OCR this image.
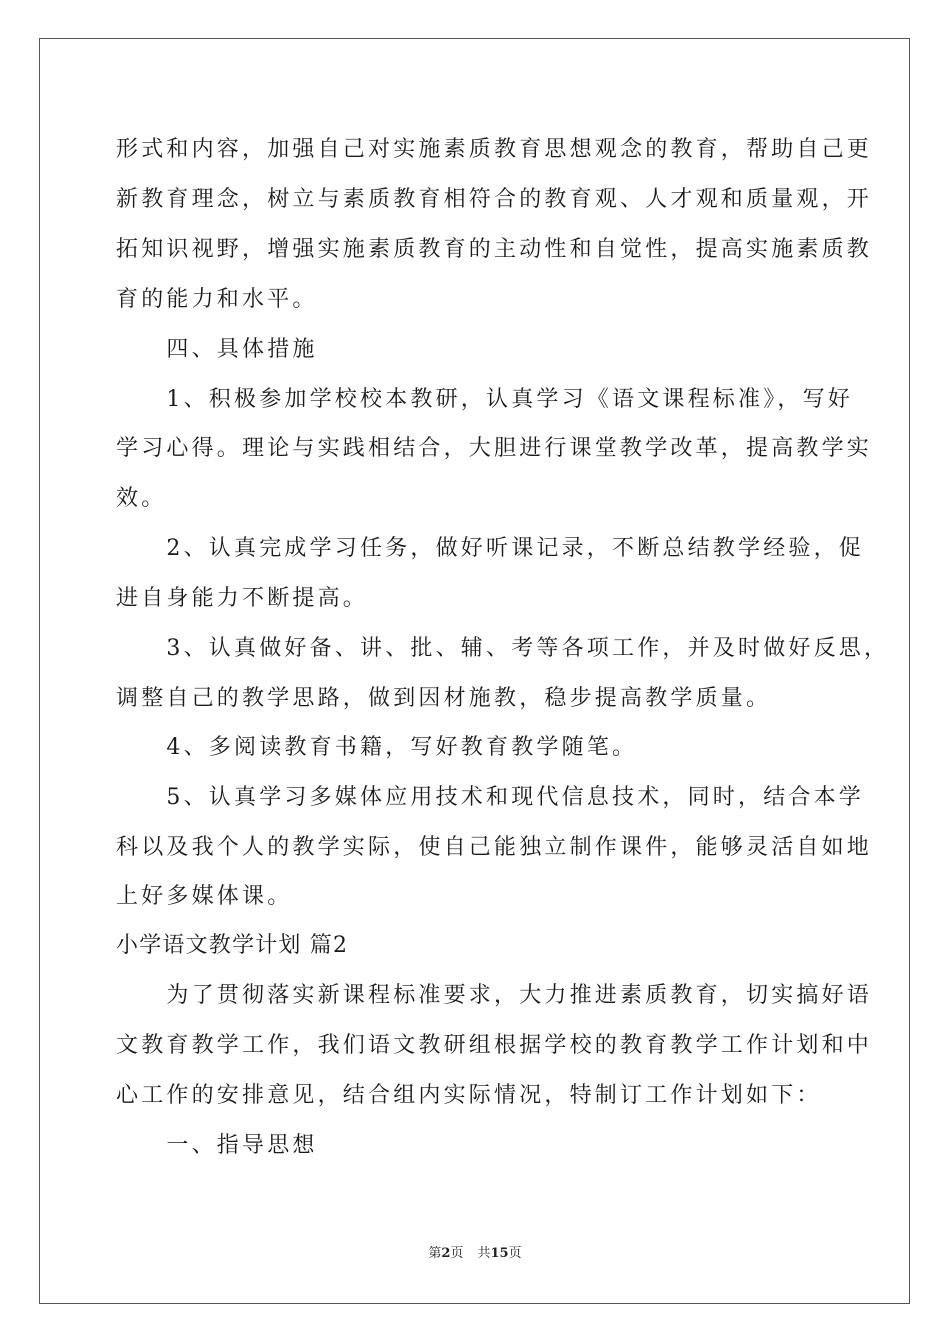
形式和内容，加强自己对实施素质教育思想观念的教育，帮助自己更
新教育理念，树立与素质教育相符合的教育观、人才观和质量观，开
拓知识视野，增强实施素质教育的主动性和自觉性，提高实施素质教
育的能力和水平。
　　四、具体措施
　　1、积极参加学校校本教研，认真学习《语文课程标准》，写好
学习心得。理论与实践相结合，大胆进行课堂教学改革，提高教学实
效。
　　2、认真完成学习任务，做好听课记录，不断总结教学经验，促
进自身能力不断提高。
　　3、认真做好备、讲、批、辅、考等各项工作，并及时做好反思，
调整自己的教学思路，做到因材施教，稳步提高教学质量。
　　4、多阅读教育书籍，写好教育教学随笔。
　　5、认真学习多媒体应用技术和现代信息技术，同时，结合本学
科以及我个人的教学实际，使自己能独立制作课件，能够灵活自如地
上好多媒体课。
小学语文教学计划 篇2
　　为了贯彻落实新课程标准要求，大力推进素质教育，切实搞好语
文教育教学工作，我们语文教研组根据学校的教育教学工作计划和中
心工作的安排意见，结合组内实际情况，特制订工作计划如下：
　　一、指导思想
第2页 共15页
